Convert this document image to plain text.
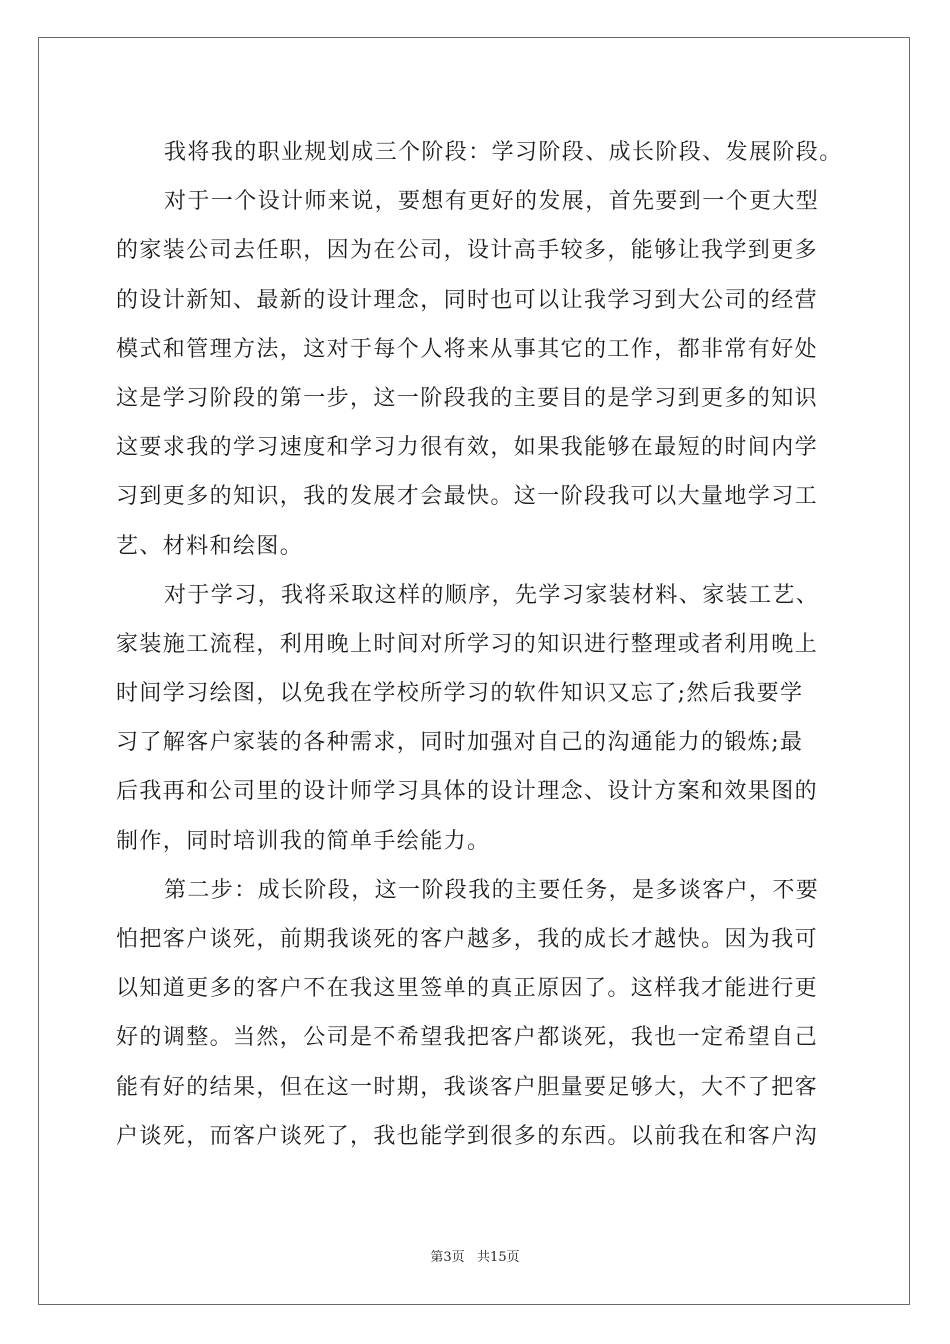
我将我的职业规划成三个阶段：学习阶段、成长阶段、发展阶段。
对于一个设计师来说，要想有更好的发展，首先要到一个更大型
的家装公司去任职，因为在公司，设计高手较多，能够让我学到更多
的设计新知、最新的设计理念，同时也可以让我学习到大公司的经营
模式和管理方法，这对于每个人将来从事其它的工作，都非常有好处
这是学习阶段的第一步，这一阶段我的主要目的是学习到更多的知识
这要求我的学习速度和学习力很有效，如果我能够在最短的时间内学
习到更多的知识，我的发展才会最快。这一阶段我可以大量地学习工
艺、材料和绘图。
对于学习，我将采取这样的顺序，先学习家装材料、家装工艺、
家装施工流程，利用晚上时间对所学习的知识进行整理或者利用晚上
时间学习绘图，以免我在学校所学习的软件知识又忘了;然后我要学
习了解客户家装的各种需求，同时加强对自己的沟通能力的锻炼;最
后我再和公司里的设计师学习具体的设计理念、设计方案和效果图的
制作，同时培训我的简单手绘能力。
第二步：成长阶段，这一阶段我的主要任务，是多谈客户，不要
怕把客户谈死，前期我谈死的客户越多，我的成长才越快。因为我可
以知道更多的客户不在我这里签单的真正原因了。这样我才能进行更
好的调整。当然，公司是不希望我把客户都谈死，我也一定希望自己
能有好的结果，但在这一时期，我谈客户胆量要足够大，大不了把客
户谈死，而客户谈死了，我也能学到很多的东西。以前我在和客户沟
第3页   共15页
